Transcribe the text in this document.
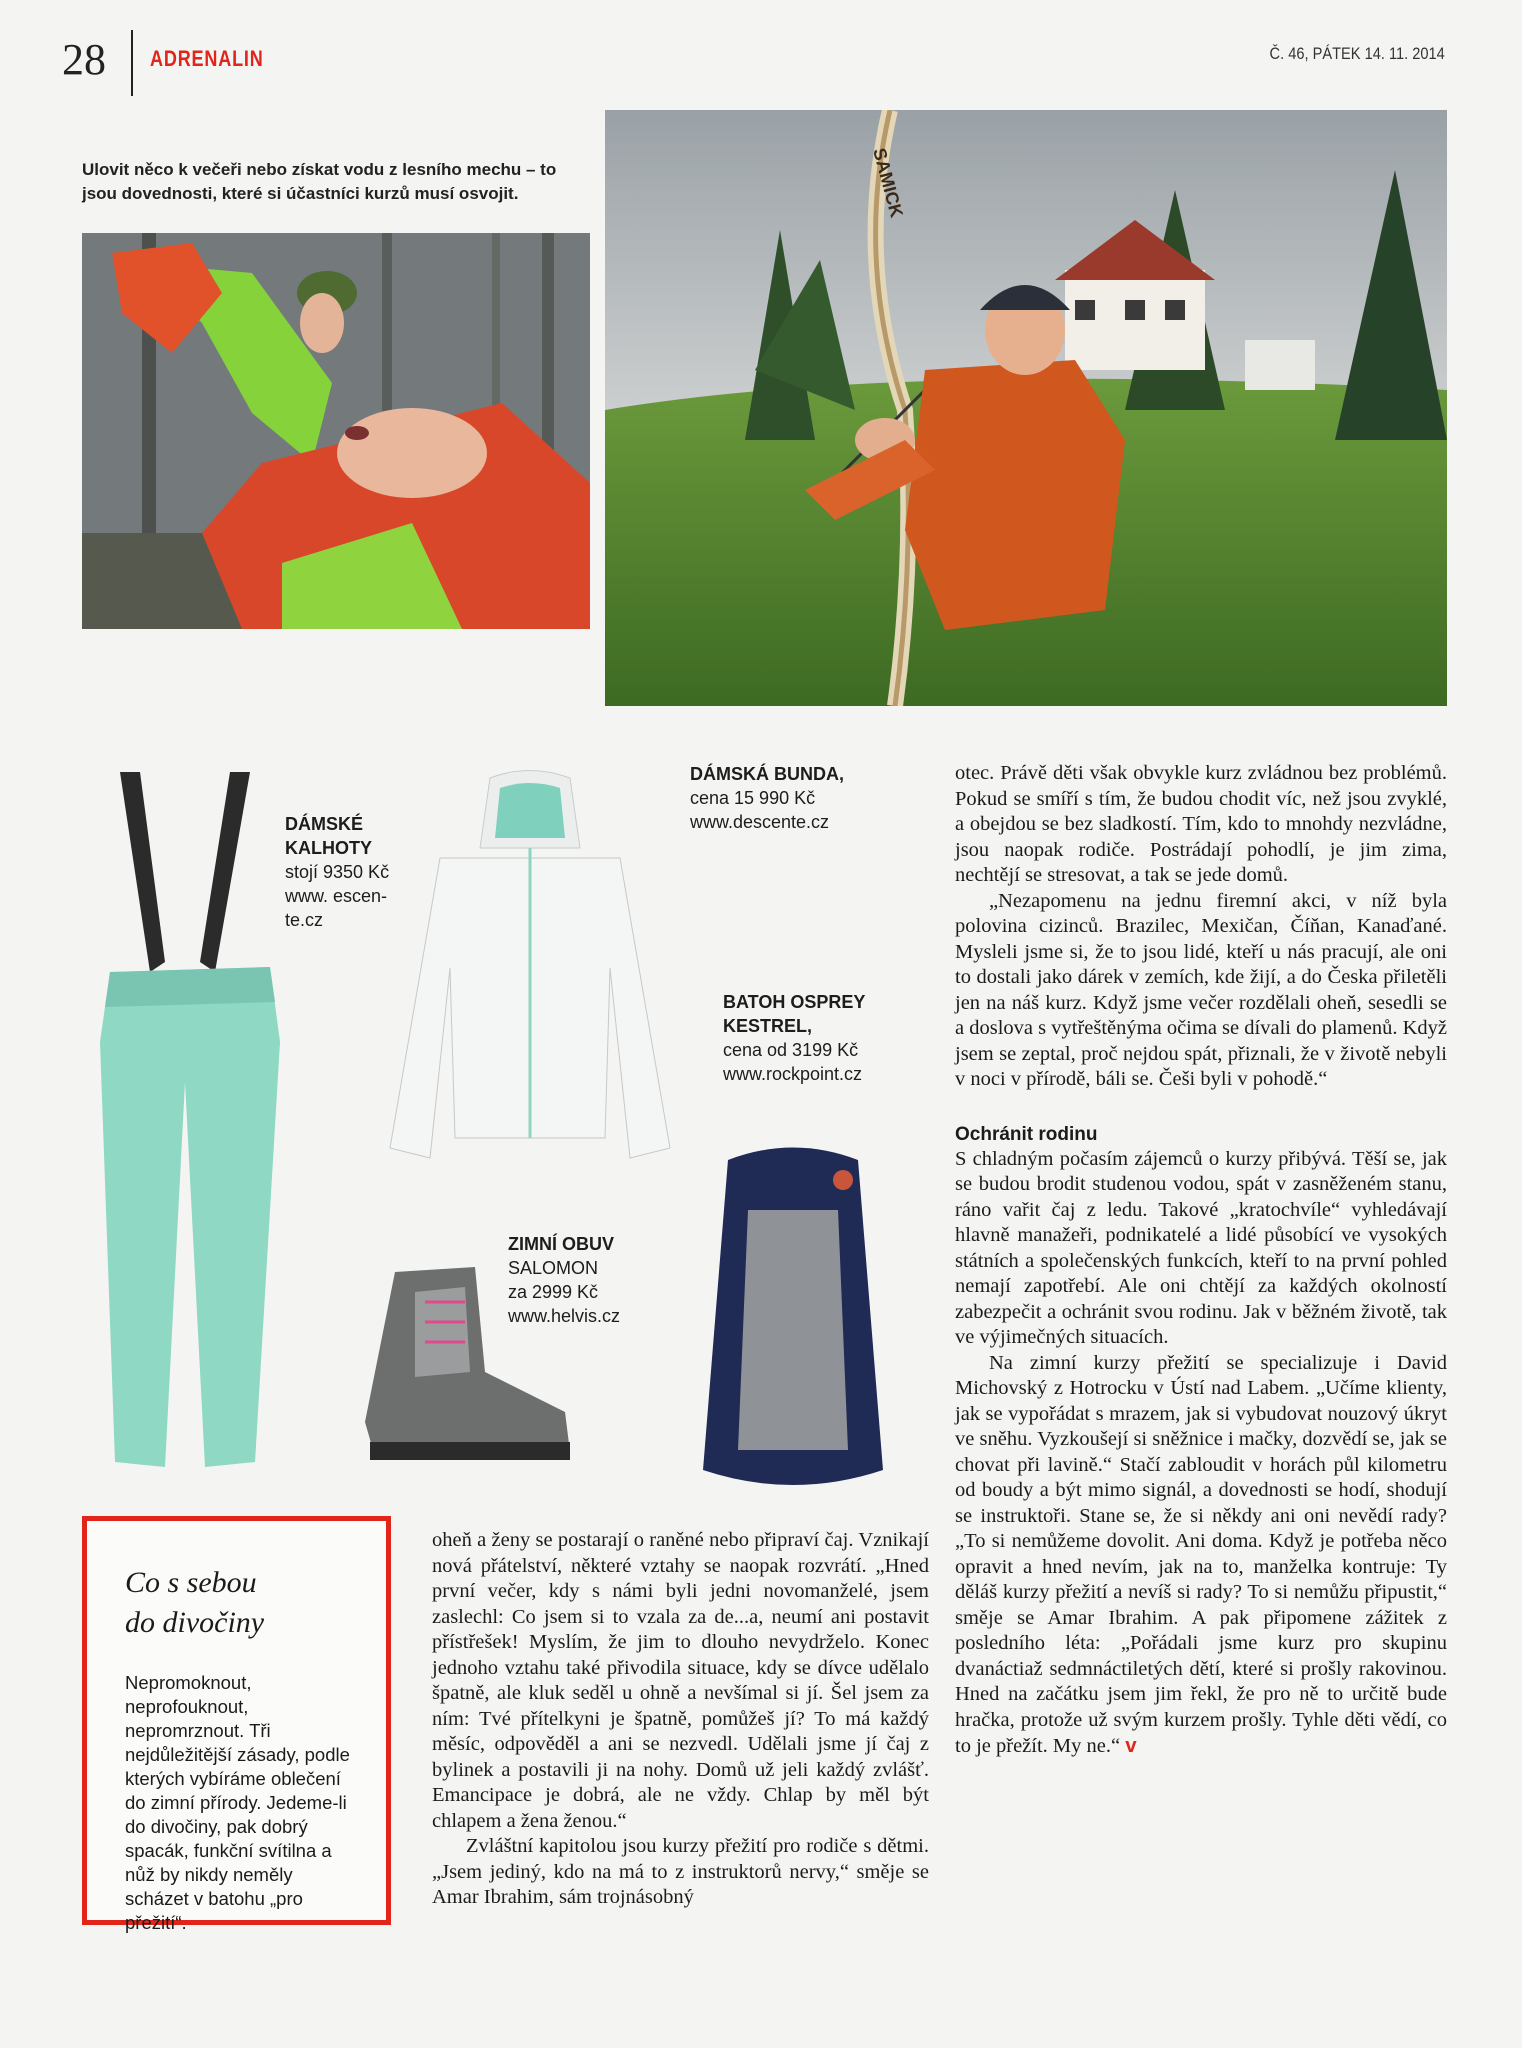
28 ADRENALIN	Č. 46, PÁTEK 14. 11. 2014
Ulovit něco k večeři nebo získat vodu z lesního mechu – to jsou dovednosti, které si účastníci kurzů musí osvojit.	SAMICK
DÁMSKÉ
KALHOTY
stojí 9350 Kč
www. escen-
te.cz
DÁMSKÁ BUNDA,
cena 15 990 Kč
www.descente.cz
BATOH OSPREY
KESTREL,
cena od 3199 Kč
www.rockpoint.cz
ZIMNÍ OBUV
SALOMON
za 2999 Kč
www.helvis.cz
Co s sebou
do divočiny
Nepromoknout, neprofouknout, nepromrznout. Tři nejdůležitější zásady, podle kterých vybíráme oblečení do zimní přírody. Jedeme-li do divočiny, pak dobrý spacák, funkční svítilna a nůž by nikdy neměly scházet v batohu „pro přežití“.

oheň a ženy se postarají o raněné nebo připraví čaj. Vznikají nová přátelství, některé vztahy se naopak rozvrátí. „Hned první večer, kdy s námi byli jedni novomanželé, jsem zaslechl: Co jsem si to vzala za de...a, neumí ani postavit přístřešek! Myslím, že jim to dlouho nevydrželo. Konec jednoho vztahu také přivodila situace, kdy se dívce udělalo špatně, ale kluk seděl u ohně a nevšímal si jí. Šel jsem za ním: Tvé přítelkyni je špatně, pomůžeš jí? To má každý měsíc, odpověděl a ani se nezvedl. Udělali jsme jí čaj z bylinek a postavili ji na nohy. Domů už jeli každý zvlášť. Emancipace je dobrá, ale ne vždy. Chlap by měl být chlapem a žena ženou.“

Zvláštní kapitolou jsou kurzy přežití pro rodiče s dětmi. „Jsem jediný, kdo na má to z instruktorů nervy,“ směje se Amar Ibrahim, sám trojnásobný

otec. Právě děti však obvykle kurz zvládnou bez problémů. Pokud se smíří s tím, že budou chodit víc, než jsou zvyklé, a obejdou se bez sladkostí. Tím, kdo to mnohdy nezvládne, jsou naopak rodiče. Postrádají pohodlí, je jim zima, nechtějí se stresovat, a tak se jede domů.

„Nezapomenu na jednu firemní akci, v níž byla polovina cizinců. Brazilec, Mexičan, Číňan, Kanaďané. Mysleli jsme si, že to jsou lidé, kteří u nás pracují, ale oni to dostali jako dárek v zemích, kde žijí, a do Česka přiletěli jen na náš kurz. Když jsme večer rozdělali oheň, sesedli se a doslova s vytřeštěnýma očima se dívali do plamenů. Když jsem se zeptal, proč nejdou spát, přiznali, že v životě nebyli v noci v přírodě, báli se. Češi byli v pohodě.“

Ochránit rodinu

S chladným počasím zájemců o kurzy přibývá. Těší se, jak se budou brodit studenou vodou, spát v zasněženém stanu, ráno vařit čaj z ledu. Takové „kratochvíle“ vyhledávají hlavně manažeři, podnikatelé a lidé působící ve vysokých státních a společenských funkcích, kteří to na první pohled nemají zapotřebí. Ale oni chtějí za každých okolností zabezpečit a ochránit svou rodinu. Jak v běžném životě, tak ve výjimečných situacích.

Na zimní kurzy přežití se specializuje i David Michovský z Hotrocku v Ústí nad Labem. „Učíme klienty, jak se vypořádat s mrazem, jak si vybudovat nouzový úkryt ve sněhu. Vyzkoušejí si sněžnice i mačky, dozvědí se, jak se chovat při lavině.“ Stačí zabloudit v horách půl kilometru od boudy a být mimo signál, a dovednosti se hodí, shodují se instruktoři. Stane se, že si někdy ani oni nevědí rady? „To si nemůžeme dovolit. Ani doma. Když je potřeba něco opravit a hned nevím, jak na to, manželka kontruje: Ty děláš kurzy přežití a nevíš si rady? To si nemůžu připustit,“ směje se Amar Ibrahim. A pak připomene zážitek z posledního léta: „Pořádali jsme kurz pro skupinu dvanáctiaž sedmnáctiletých dětí, které si prošly rakovinou. Hned na začátku jsem jim řekl, že pro ně to určitě bude hračka, protože už svým kurzem prošly. Tyhle děti vědí, co to je přežít. My ne.“ v
